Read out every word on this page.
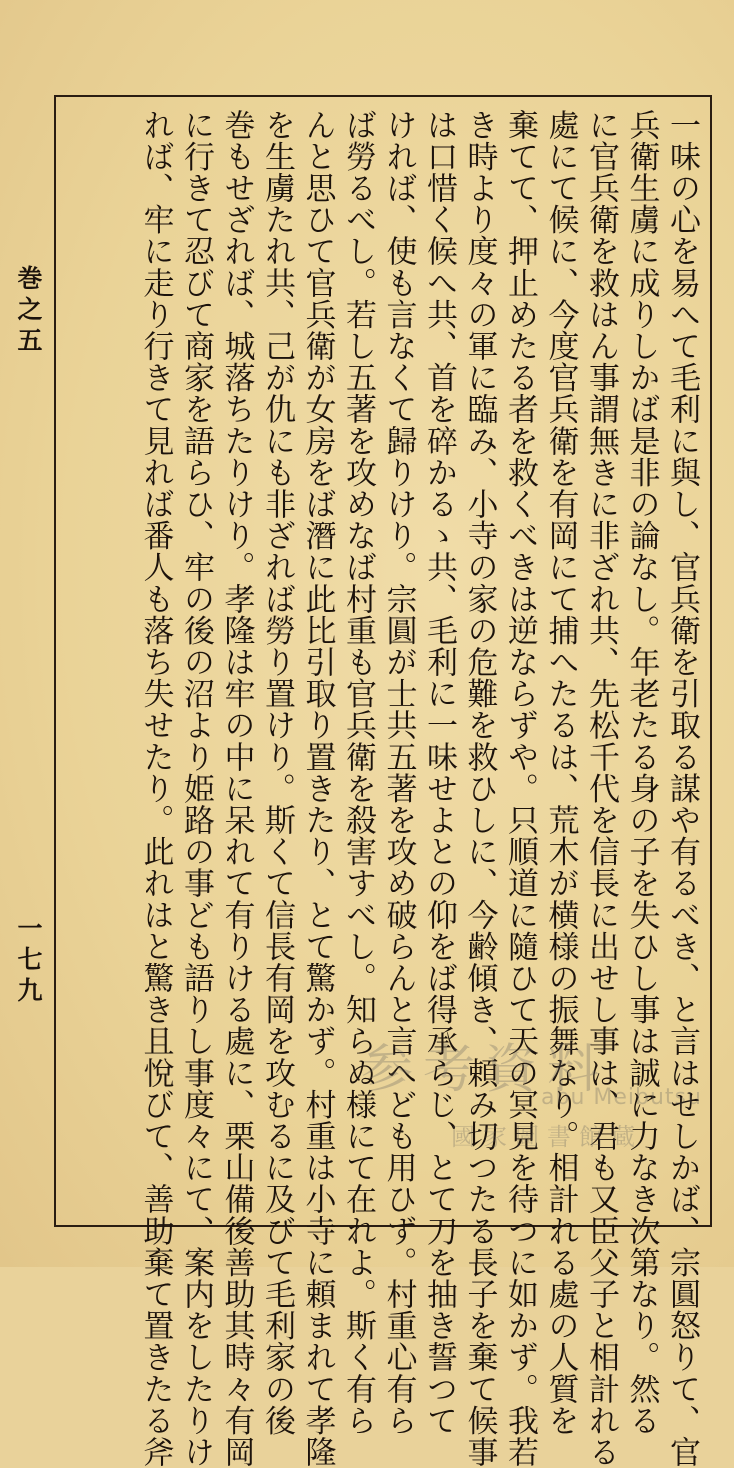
巻之五
一七九	一味の心を易へて毛利に與し、官兵衛を引取る謀や有るべき、と言はせしかば、宗圓怒りて、官
兵衛生虜に成りしかば是非の論なし。年老たる身の子を失ひし事は誠に力なき次第なり。然る
に官兵衛を救はん事謂無きに非ざれ共、先松千代を信長に出せし事は、君も又臣父子と相計れる
處にて候に、今度官兵衛を有岡にて捕へたるは、荒木が横様の振舞なり。相計れる處の人質を
棄てて、押止めたる者を救くべきは逆ならずや。只順道に隨ひて天の冥見を待つに如かず。我若
き時より度々の軍に臨み、小寺の家の危難を救ひしに、今齢傾き、頼み切つたる長子を棄て候事
は口惜く候へ共、首を碎かるゝ共、毛利に一味せよとの仰をば得承らじ、とて刀を抽き誓つて
ければ、使も言なくて歸りけり。宗圓が士共五著を攻め破らんと言へども用ひず。村重心有ら
ば勞るべし。若し五著を攻めなば村重も官兵衛を殺害すべし。知らぬ様にて在れよ。斯く有ら
んと思ひて官兵衛が女房をば潛に此比引取り置きたり、とて驚かず。村重は小寺に頼まれて孝隆
を生虜たれ共、己が仇にも非ざれば勞り置けり。斯くて信長有岡を攻むるに及びて毛利家の後
巻もせざれば、城落ちたりけり。孝隆は牢の中に呆れて有りける處に、栗山備後善助其時々有岡
に行きて忍びて商家を語らひ、牢の後の沼より姫路の事ども語りし事度々にて、案内をしたりけ
れば、牢に走り行きて見れば番人も落ち失せたり。此れはと驚き且悅びて、善助棄て置きたる斧	参考資料
abu Meibutsu
國家圖書館蔵
